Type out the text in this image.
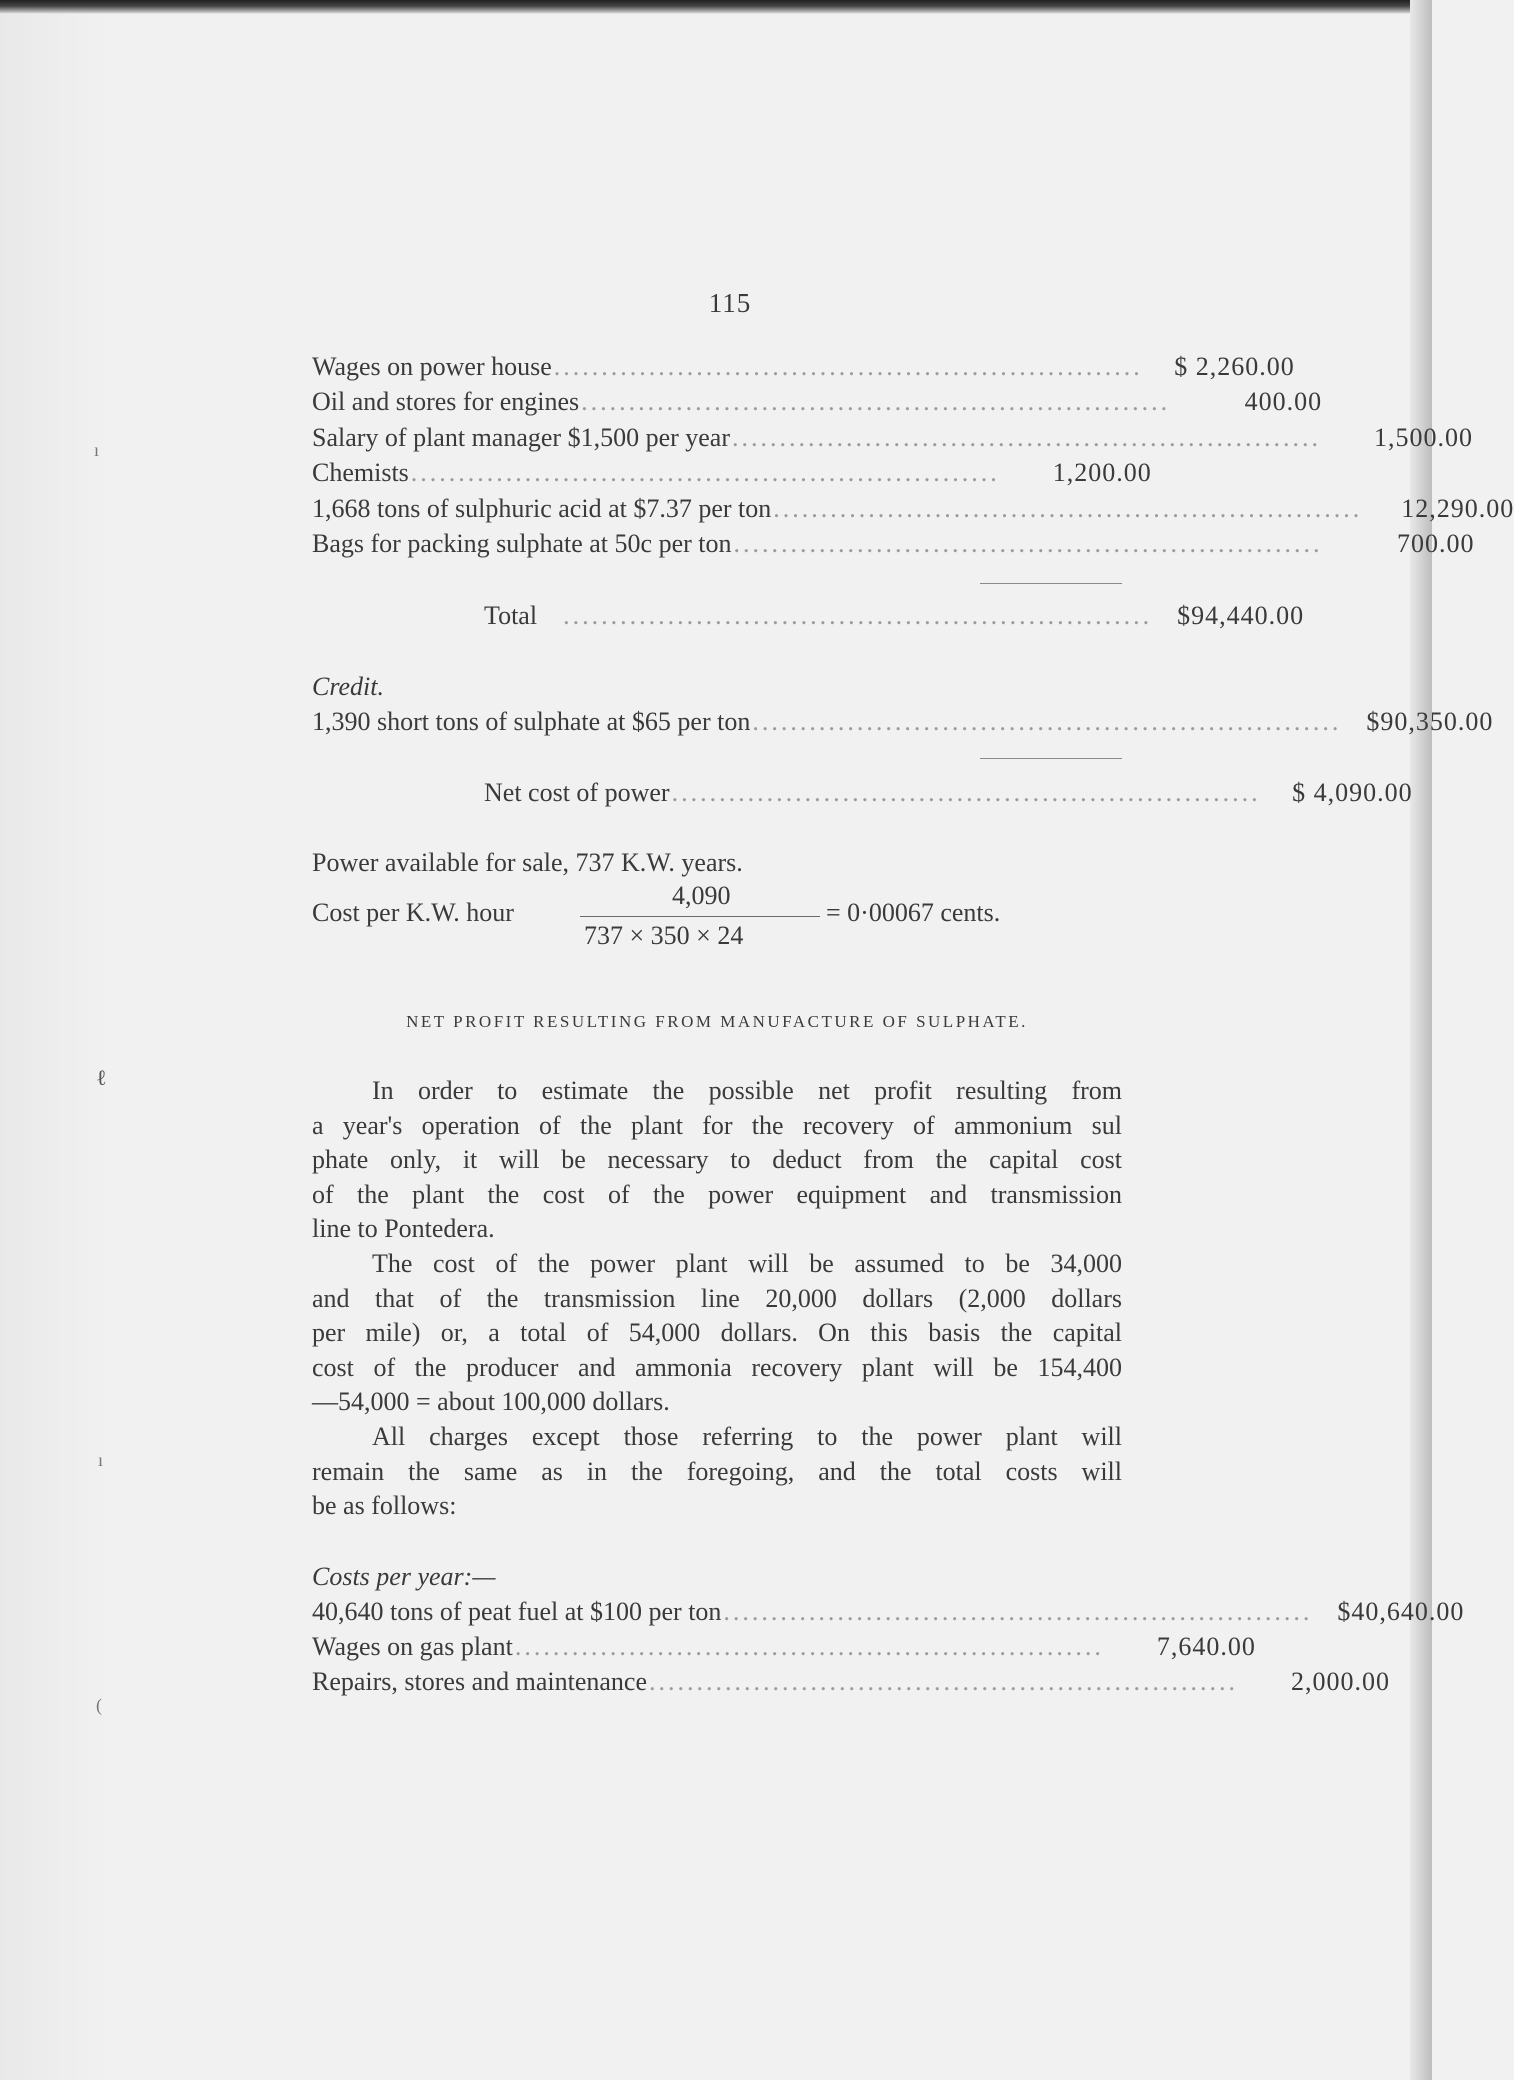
ı
ℓ
ı
(
115
Wages on power house ..............................................................	$ 2,260.00
Oil and stores for engines ..............................................................	400.00
Salary of plant manager $1,500 per year ..............................................................	1,500.00
Chemists ..............................................................	1,200.00
1,668 tons of sulphuric acid at $7.37 per ton ..............................................................	12,290.00
Bags for packing sulphate at 50c per ton ..............................................................	700.00
Total .............................................................. $94,440.00
Credit.
1,390 short tons of sulphate at $65 per ton .............................................................. $90,350.00
Net cost of power ..............................................................	$ 4,090.00
Power available for sale, 737 K.W. years.
Cost per K.W. hour
4,090
737 × 350 × 24
= 0·00067 cents.
NET PROFIT RESULTING FROM MANUFACTURE OF SULPHATE.
In order to estimate the possible net profit resulting from
a year's operation of the plant for the recovery of ammonium sul
phate only, it will be necessary to deduct from the capital cost
of the plant the cost of the power equipment and transmission
line to Pontedera.
The cost of the power plant will be assumed to be 34,000
and that of the transmission line 20,000 dollars (2,000 dollars
per mile) or, a total of 54,000 dollars. On this basis the capital
cost of the producer and ammonia recovery plant will be 154,400
—54,000 = about 100,000 dollars.
All charges except those referring to the power plant will
remain the same as in the foregoing, and the total costs will
be as follows:
Costs per year:—
40,640 tons of peat fuel at $100 per ton .............................................................. $40,640.00
Wages on gas plant ..............................................................	7,640.00
Repairs, stores and maintenance ..............................................................	2,000.00
